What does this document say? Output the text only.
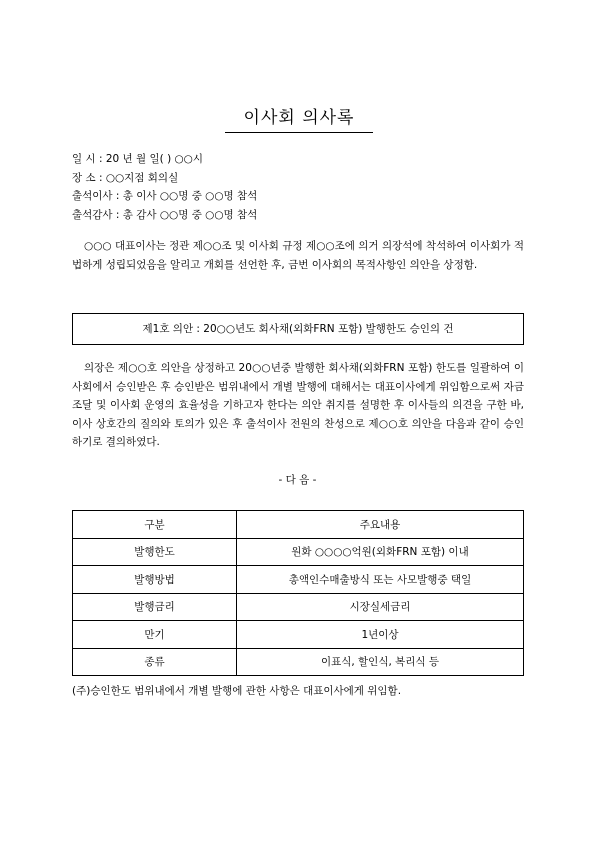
이사회 의사록
일 시 : 20 년 월 일( ) ○○시
장 소 : ○○지점 회의실
출석이사 : 총 이사 ○○명 중 ○○명 참석
출석감사 : 총 감사 ○○명 중 ○○명 참석
○○○ 대표이사는 정관 제○○조 및 이사회 규정 제○○조에 의거 의장석에 착석하여 이사회가 적법하게 성립되었음을 알리고 개회를 선언한 후, 금번 이사회의 목적사항인 의안을 상정함.
제1호 의안 : 20○○년도 회사채(외화FRN 포함) 발행한도 승인의 건
의장은 제○○호 의안을 상정하고 20○○년중 발행한 회사채(외화FRN 포함) 한도를 일괄하여 이사회에서 승인받은 후 승인받은 범위내에서 개별 발행에 대해서는 대표이사에게 위임함으로써 자금조달 및 이사회 운영의 효율성을 기하고자 한다는 의안 취지를 설명한 후 이사들의 의견을 구한 바, 이사 상호간의 질의와 토의가 있은 후 출석이사 전원의 찬성으로 제○○호 의안을 다음과 같이 승인하기로 결의하였다.
- 다 음 -
구분	주요내용
발행한도	원화 ○○○○억원(외화FRN 포함) 이내
발행방법	총액인수매출방식 또는 사모발행중 택일
발행금리	시장실세금리
만기	1년이상
종류	이표식, 할인식, 복리식 등
(주)승인한도 범위내에서 개별 발행에 관한 사항은 대표이사에게 위임함.
